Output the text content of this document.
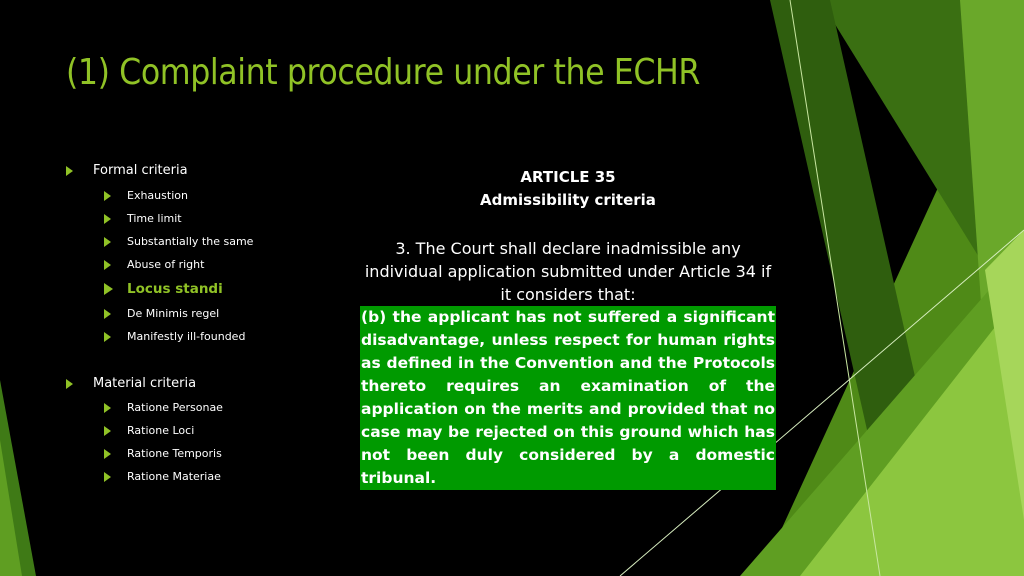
(1) Complaint procedure under the ECHR
Formal criteria
Exhaustion
Time limit
Substantially the same
Abuse of right
Locus standi
De Minimis regel
Manifestly ill-founded
Material criteria
Ratione Personae
Ratione Loci
Ratione Temporis
Ratione Materiae
ARTICLE 35
Admissibility criteria
3. The Court shall declare inadmissible any individual application submitted under Article 34 if it considers that:
(b) the applicant has not suffered a significant disadvantage, unless respect for human rights as defined in the Convention and the Protocols thereto requires an examination of the application on the merits and provided that no case may be rejected on this ground which has not been duly considered by a domestic tribunal.
